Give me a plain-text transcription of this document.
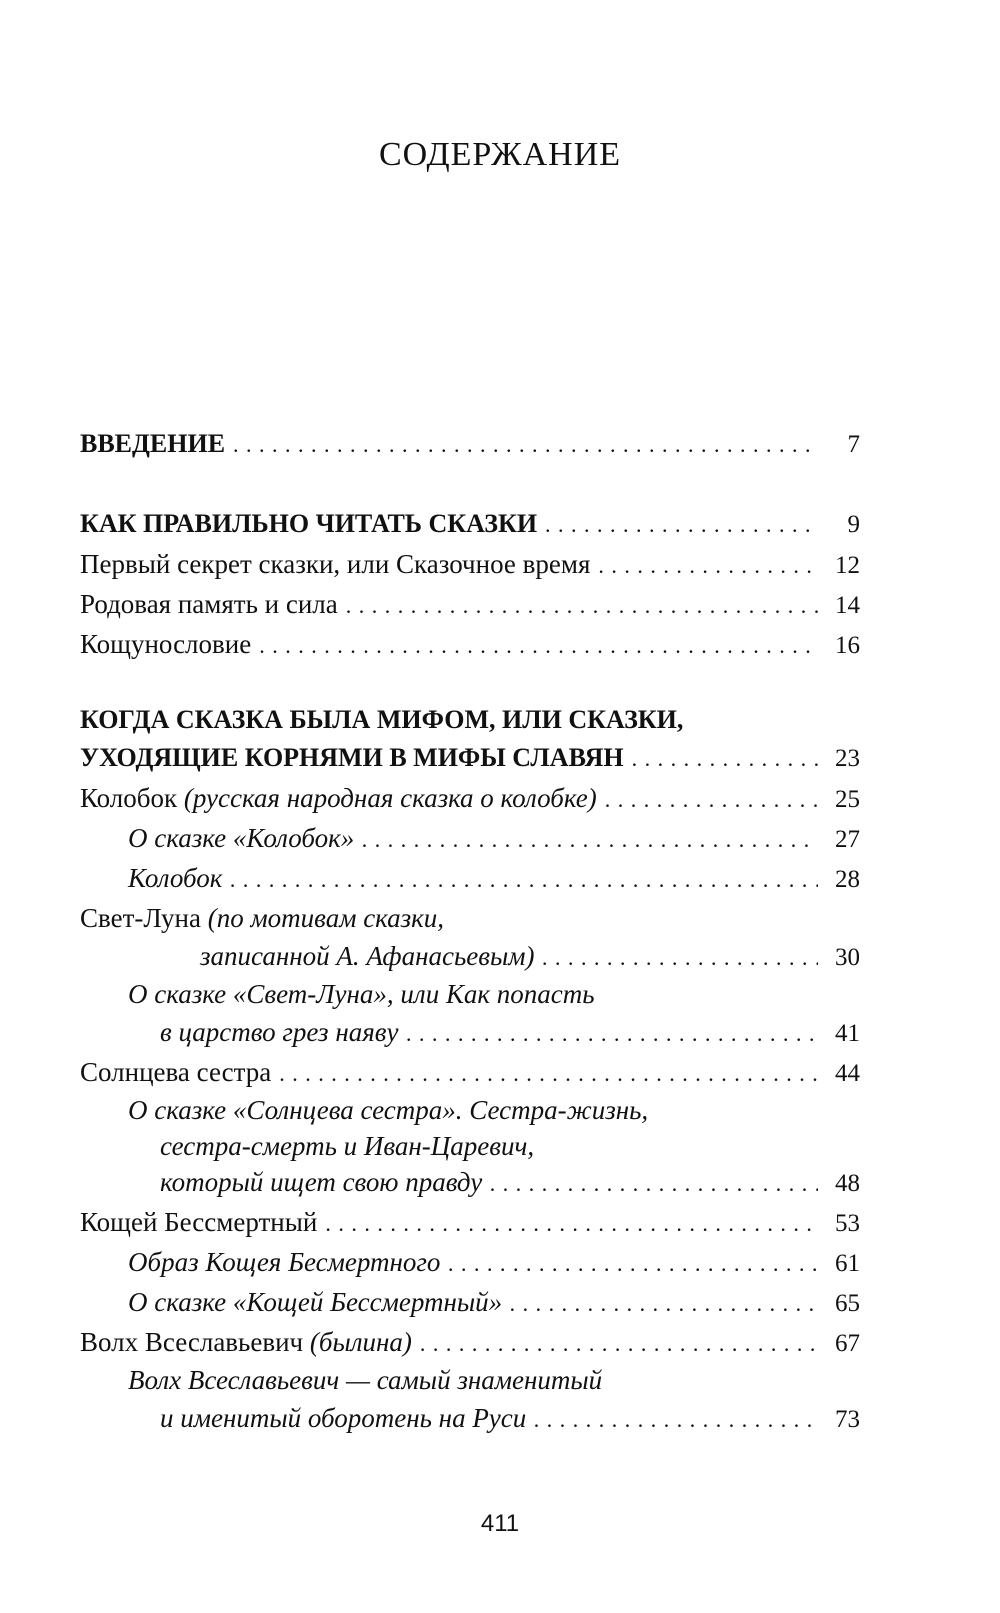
СОДЕРЖАНИЕ
ВВЕДЕНИЕ . . .	7
КАК ПРАВИЛЬНО ЧИТАТЬ СКАЗКИ . . .	9
Первый секрет сказки, или Сказочное время . . .	12
Родовая память и сила . . .	14
Кощунословие . . .	16
КОГДА СКАЗКА БЫЛА МИФОМ, ИЛИ СКАЗКИ,
УХОДЯЩИЕ КОРНЯМИ В МИФЫ СЛАВЯН . . .	23
Колобок (русская народная сказка о колобке) . . .	25
О сказке «Колобок» . . .	27
Колобок . . .	28
Свет-Луна (по мотивам сказки,
записанной А. Афанасьевым) . . .	30
О сказке «Свет-Луна», или Как попасть
в царство грез наяву . . .	41
Солнцева сестра . . .	44
О сказке «Солнцева сестра». Сестра-жизнь,
сестра-смерть и Иван-Царевич,
который ищет свою правду . . .	48
Кощей Бессмертный . . .	53
Образ Кощея Бесмертного . . .	61
О сказке «Кощей Бессмертный» . . .	65
Волх Всеславьевич (былина) . . .	67
Волх Всеславьевич — самый знаменитый
и именитый оборотень на Руси . . .	73
411
